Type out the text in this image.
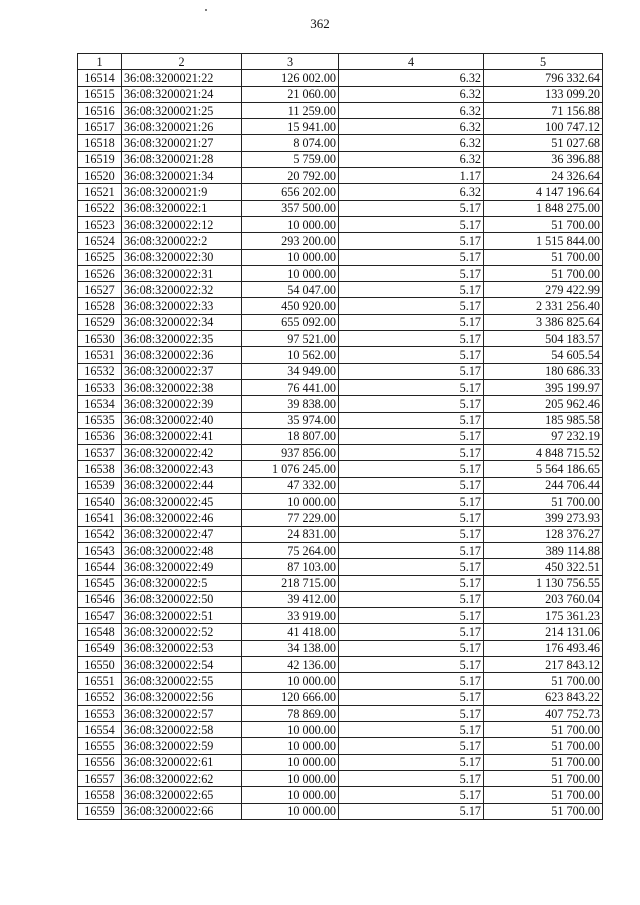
362
1	2	3	4	5
16514	36:08:3200021:22	126 002.00	6.32	796 332.64
16515	36:08:3200021:24	21 060.00	6.32	133 099.20
16516	36:08:3200021:25	11 259.00	6.32	71 156.88
16517	36:08:3200021:26	15 941.00	6.32	100 747.12
16518	36:08:3200021:27	8 074.00	6.32	51 027.68
16519	36:08:3200021:28	5 759.00	6.32	36 396.88
16520	36:08:3200021:34	20 792.00	1.17	24 326.64
16521	36:08:3200021:9	656 202.00	6.32	4 147 196.64
16522	36:08:3200022:1	357 500.00	5.17	1 848 275.00
16523	36:08:3200022:12	10 000.00	5.17	51 700.00
16524	36:08:3200022:2	293 200.00	5.17	1 515 844.00
16525	36:08:3200022:30	10 000.00	5.17	51 700.00
16526	36:08:3200022:31	10 000.00	5.17	51 700.00
16527	36:08:3200022:32	54 047.00	5.17	279 422.99
16528	36:08:3200022:33	450 920.00	5.17	2 331 256.40
16529	36:08:3200022:34	655 092.00	5.17	3 386 825.64
16530	36:08:3200022:35	97 521.00	5.17	504 183.57
16531	36:08:3200022:36	10 562.00	5.17	54 605.54
16532	36:08:3200022:37	34 949.00	5.17	180 686.33
16533	36:08:3200022:38	76 441.00	5.17	395 199.97
16534	36:08:3200022:39	39 838.00	5.17	205 962.46
16535	36:08:3200022:40	35 974.00	5.17	185 985.58
16536	36:08:3200022:41	18 807.00	5.17	97 232.19
16537	36:08:3200022:42	937 856.00	5.17	4 848 715.52
16538	36:08:3200022:43	1 076 245.00	5.17	5 564 186.65
16539	36:08:3200022:44	47 332.00	5.17	244 706.44
16540	36:08:3200022:45	10 000.00	5.17	51 700.00
16541	36:08:3200022:46	77 229.00	5.17	399 273.93
16542	36:08:3200022:47	24 831.00	5.17	128 376.27
16543	36:08:3200022:48	75 264.00	5.17	389 114.88
16544	36:08:3200022:49	87 103.00	5.17	450 322.51
16545	36:08:3200022:5	218 715.00	5.17	1 130 756.55
16546	36:08:3200022:50	39 412.00	5.17	203 760.04
16547	36:08:3200022:51	33 919.00	5.17	175 361.23
16548	36:08:3200022:52	41 418.00	5.17	214 131.06
16549	36:08:3200022:53	34 138.00	5.17	176 493.46
16550	36:08:3200022:54	42 136.00	5.17	217 843.12
16551	36:08:3200022:55	10 000.00	5.17	51 700.00
16552	36:08:3200022:56	120 666.00	5.17	623 843.22
16553	36:08:3200022:57	78 869.00	5.17	407 752.73
16554	36:08:3200022:58	10 000.00	5.17	51 700.00
16555	36:08:3200022:59	10 000.00	5.17	51 700.00
16556	36:08:3200022:61	10 000.00	5.17	51 700.00
16557	36:08:3200022:62	10 000.00	5.17	51 700.00
16558	36:08:3200022:65	10 000.00	5.17	51 700.00
16559	36:08:3200022:66	10 000.00	5.17	51 700.00
